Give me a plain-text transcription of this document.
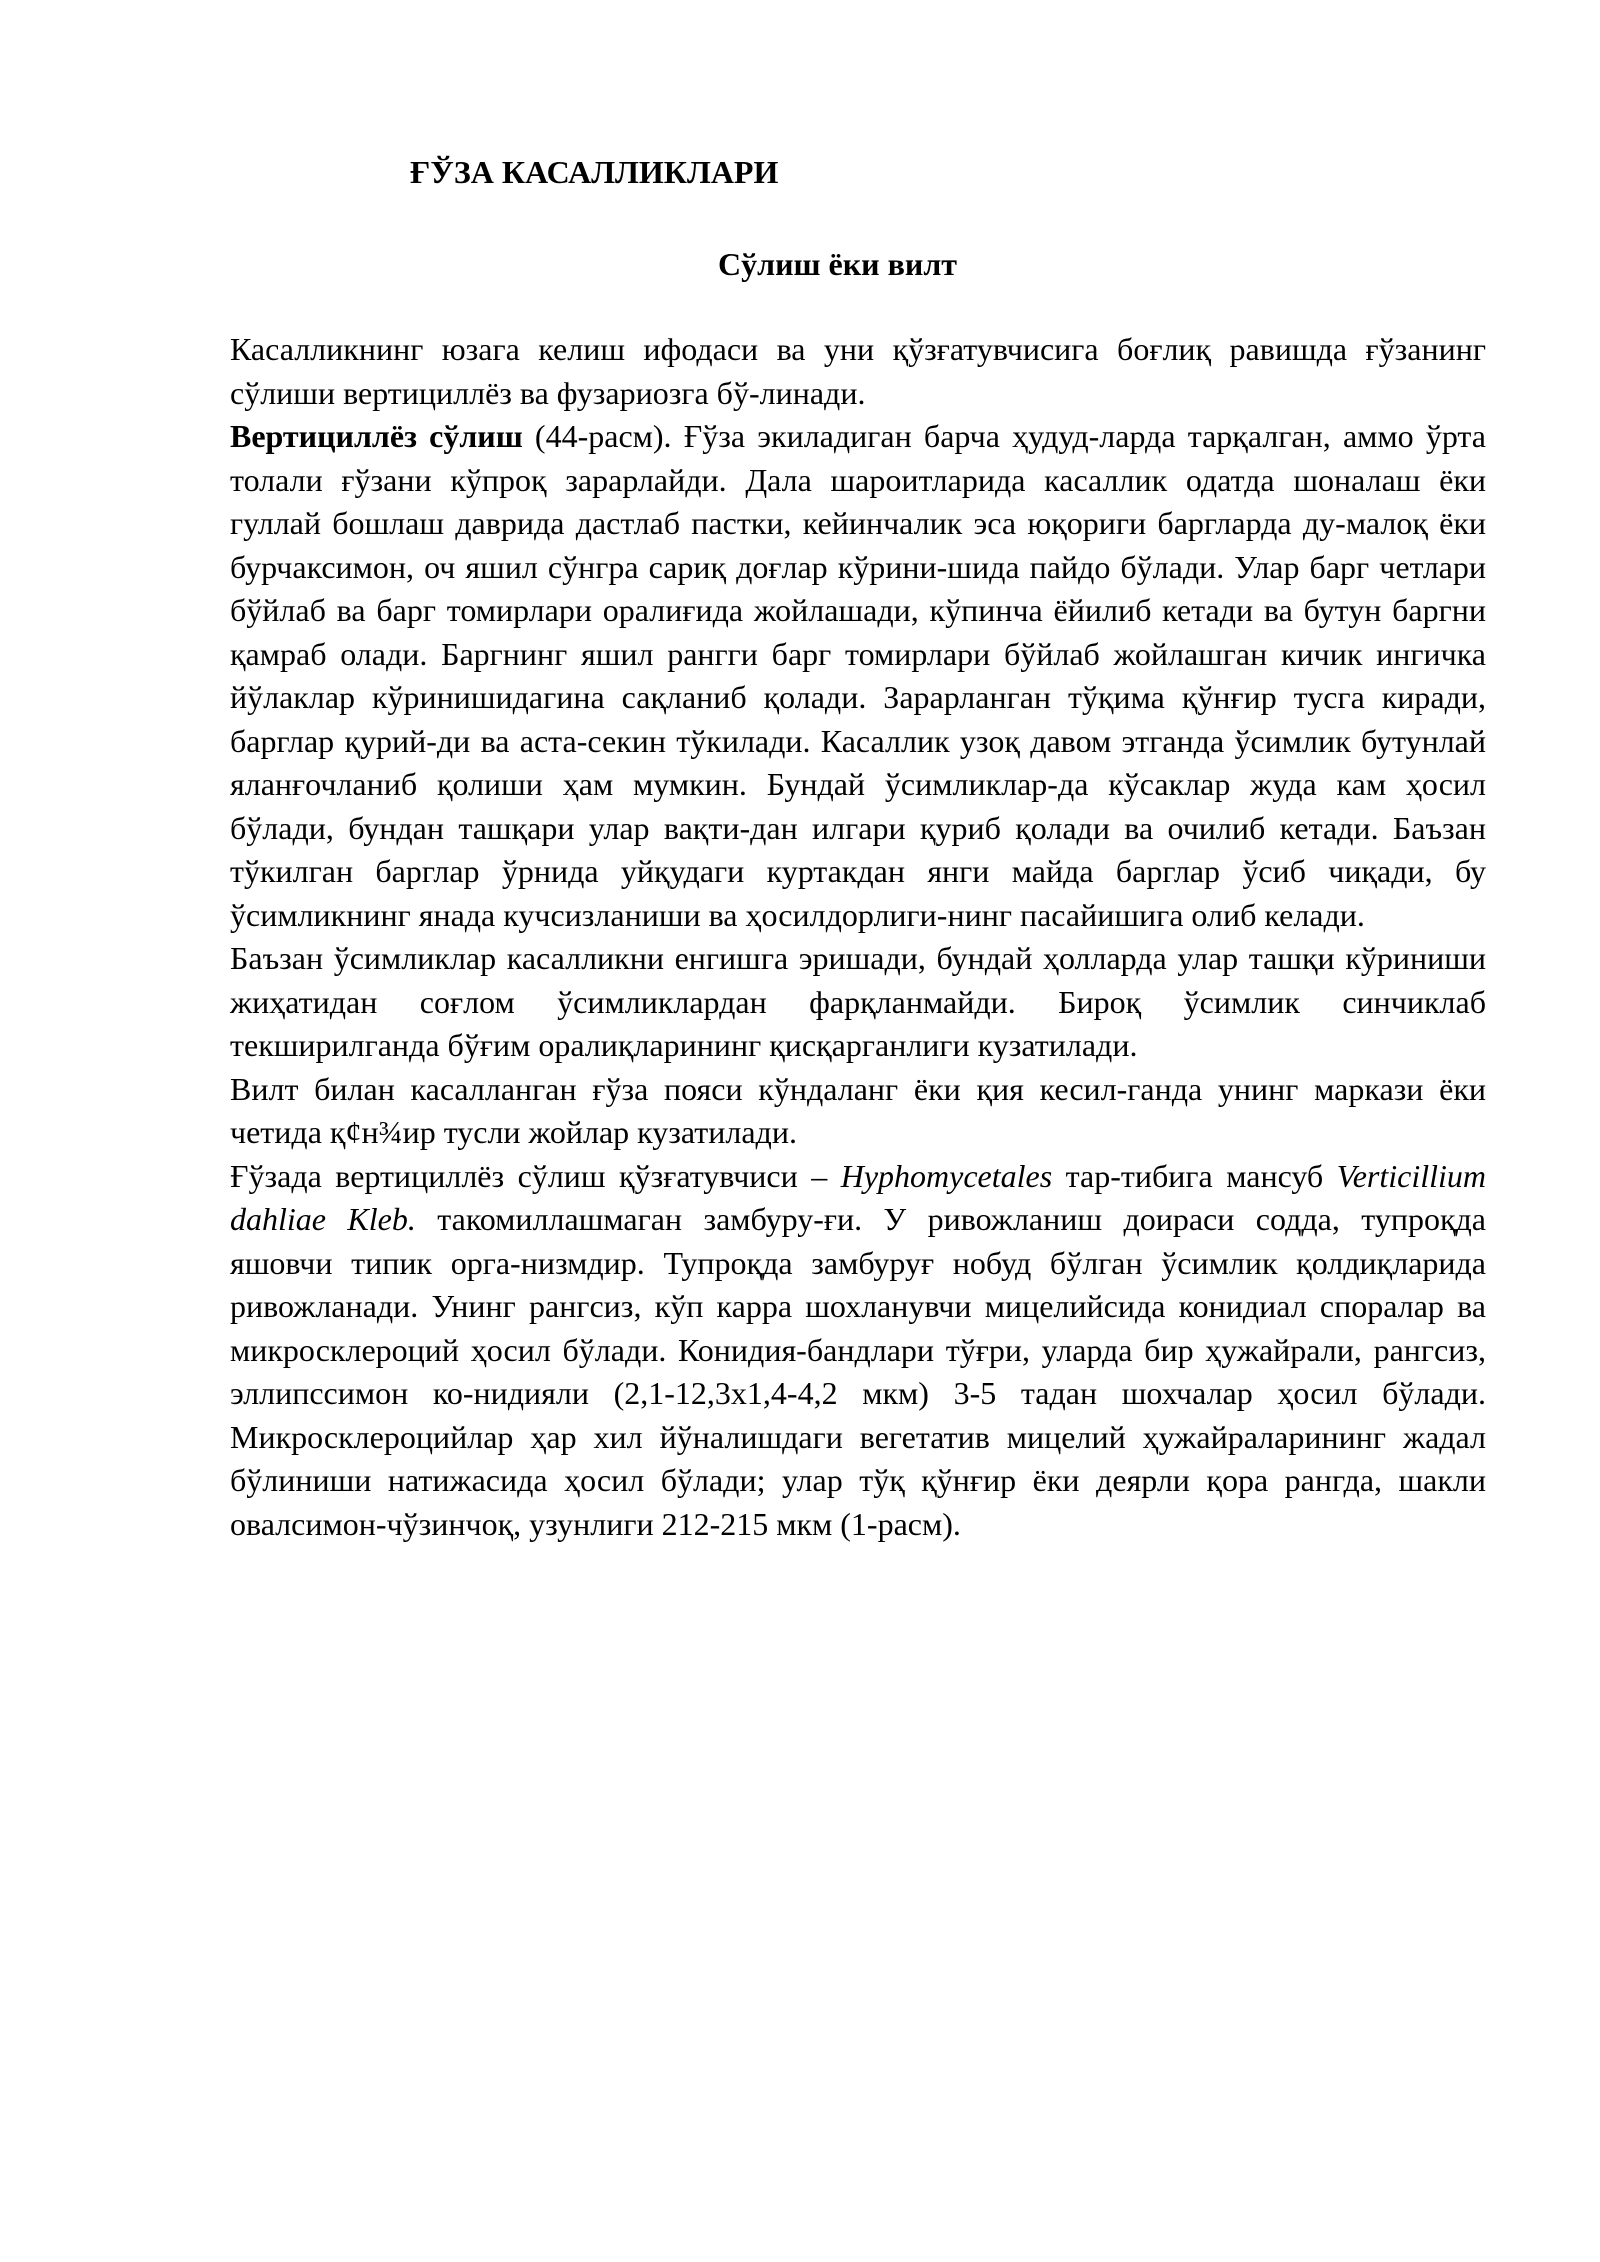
ҒЎЗА КАСАЛЛИКЛАРИ
Сўлиш ёки вилт

Касалликнинг юзага келиш ифодаси ва уни қўзғатувчисига боғлиқ равишда ғўзанинг сўлиши вертициллёз ва фузариозга бў-линади.

Вертициллёз сўлиш (44-расм). Ғўза экиладиган барча ҳудуд-ларда тарқалган, аммо ўрта толали ғўзани кўпроқ зарарлайди. Дала шароитларида касаллик одатда шоналаш ёки гуллай бошлаш даврида дастлаб пастки, кейинчалик эса юқориги баргларда ду-малоқ ёки бурчаксимон, оч яшил сўнгра сариқ доғлар кўрини-шида пайдо бўлади. Улар барг четлари бўйлаб ва барг томирлари оралиғида жойлашади, кўпинча ёйилиб кетади ва бутун баргни қамраб олади. Баргнинг яшил рангги барг томирлари бўйлаб жойлашган кичик ингичка йўлаклар кўринишидагина сақланиб қолади. Зарарланган тўқима қўнғир тусга киради, барглар қурий-ди ва аста-секин тўкилади. Касаллик узоқ давом этганда ўсимлик бутунлай яланғочланиб қолиши ҳам мумкин. Бундай ўсимликлар-да кўсаклар жуда кам ҳосил бўлади, бундан ташқари улар вақти-дан илгари қуриб қолади ва очилиб кетади. Баъзан тўкилган барглар ўрнида уйқудаги куртакдан янги майда барглар ўсиб чиқади, бу ўсимликнинг янада кучсизланиши ва ҳосилдорлиги-нинг пасайишига олиб келади.

Баъзан ўсимликлар касалликни енгишга эришади, бундай ҳолларда улар ташқи кўриниши жиҳатидан соғлом ўсимликлардан фарқланмайди. Бироқ ўсимлик синчиклаб текширилганда бўғим оралиқларининг қисқарганлиги кузатилади.

Вилт билан касалланган ғўза пояси кўндаланг ёки қия кесил-ганда унинг маркази ёки четида қ¢н¾ир тусли жойлар кузатилади.

Ғўзада вертициллёз сўлиш қўзғатувчиси – Hyphomycetales тар-тибига мансуб Verticillium dahliae Kleb. такомиллашмаган замбуру-ғи. У ривожланиш доираси содда, тупроқда яшовчи типик орга-низмдир. Тупроқда замбуруғ нобуд бўлган ўсимлик қолдиқларида ривожланади. Унинг рангсиз, кўп карра шохланувчи мицелийсида конидиал споралар ва микросклероций ҳосил бўлади. Конидия-бандлари тўғри, уларда бир ҳужайрали, рангсиз, эллипссимон ко-нидияли (2,1-12,3х1,4-4,2 мкм) 3-5 тадан шохчалар ҳосил бўлади. Микросклероцийлар ҳар хил йўналишдаги вегетатив мицелий ҳужайраларининг жадал бўлиниши натижасида ҳосил бўлади; улар тўқ қўнғир ёки деярли қора рангда, шакли овалсимон-чўзинчоқ, узунлиги 212-215 мкм (1-расм).
